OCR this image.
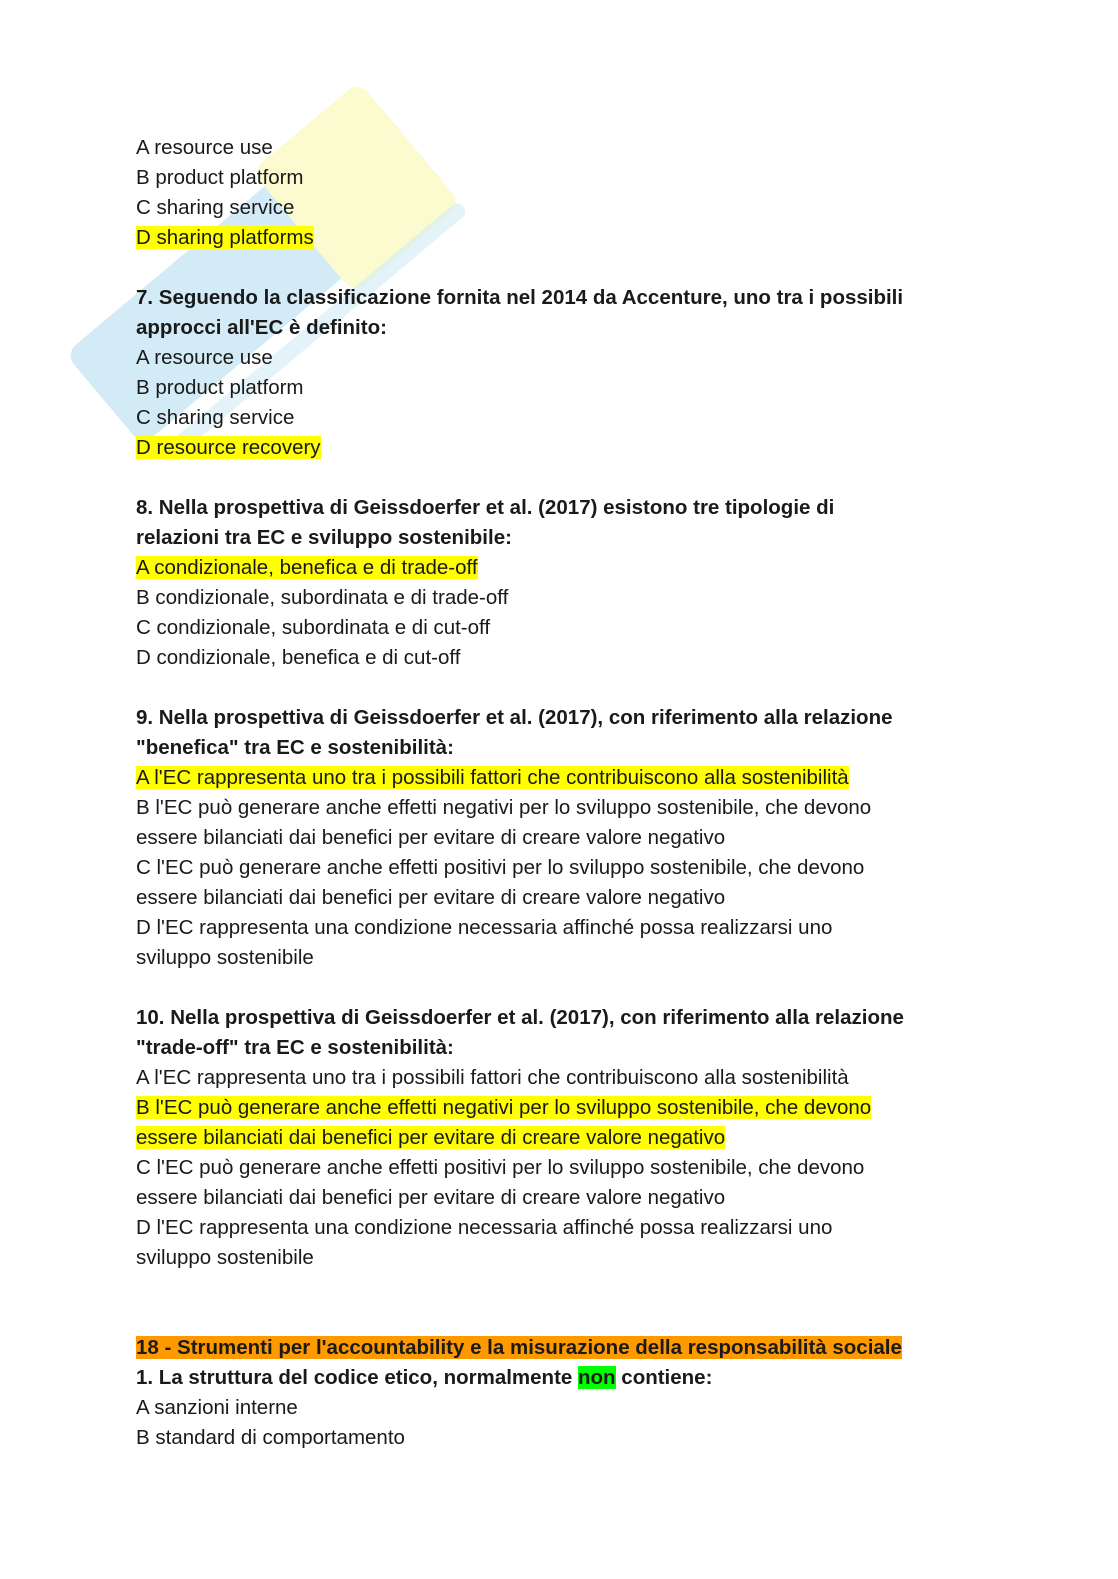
A resource use
B product platform
C sharing service
D sharing platforms
7. Seguendo la classificazione fornita nel 2014 da Accenture, uno tra i possibili
approcci all'EC è definito:
A resource use
B product platform
C sharing service
D resource recovery
8. Nella prospettiva di Geissdoerfer et al. (2017) esistono tre tipologie di
relazioni tra EC e sviluppo sostenibile:
A condizionale, benefica e di trade-off
B condizionale, subordinata e di trade-off
C condizionale, subordinata e di cut-off
D condizionale, benefica e di cut-off
9. Nella prospettiva di Geissdoerfer et al. (2017), con riferimento alla relazione
"benefica" tra EC e sostenibilità:
A l'EC rappresenta uno tra i possibili fattori che contribuiscono alla sostenibilità
B l'EC può generare anche effetti negativi per lo sviluppo sostenibile, che devono
essere bilanciati dai benefici per evitare di creare valore negativo
C l'EC può generare anche effetti positivi per lo sviluppo sostenibile, che devono
essere bilanciati dai benefici per evitare di creare valore negativo
D l'EC rappresenta una condizione necessaria affinché possa realizzarsi uno
sviluppo sostenibile
10. Nella prospettiva di Geissdoerfer et al. (2017), con riferimento alla relazione
"trade-off" tra EC e sostenibilità:
A l'EC rappresenta uno tra i possibili fattori che contribuiscono alla sostenibilità
B l'EC può generare anche effetti negativi per lo sviluppo sostenibile, che devono
essere bilanciati dai benefici per evitare di creare valore negativo
C l'EC può generare anche effetti positivi per lo sviluppo sostenibile, che devono
essere bilanciati dai benefici per evitare di creare valore negativo
D l'EC rappresenta una condizione necessaria affinché possa realizzarsi uno
sviluppo sostenibile
18 - Strumenti per l'accountability e la misurazione della responsabilità sociale
1. La struttura del codice etico, normalmente non contiene:
A sanzioni interne
B standard di comportamento
